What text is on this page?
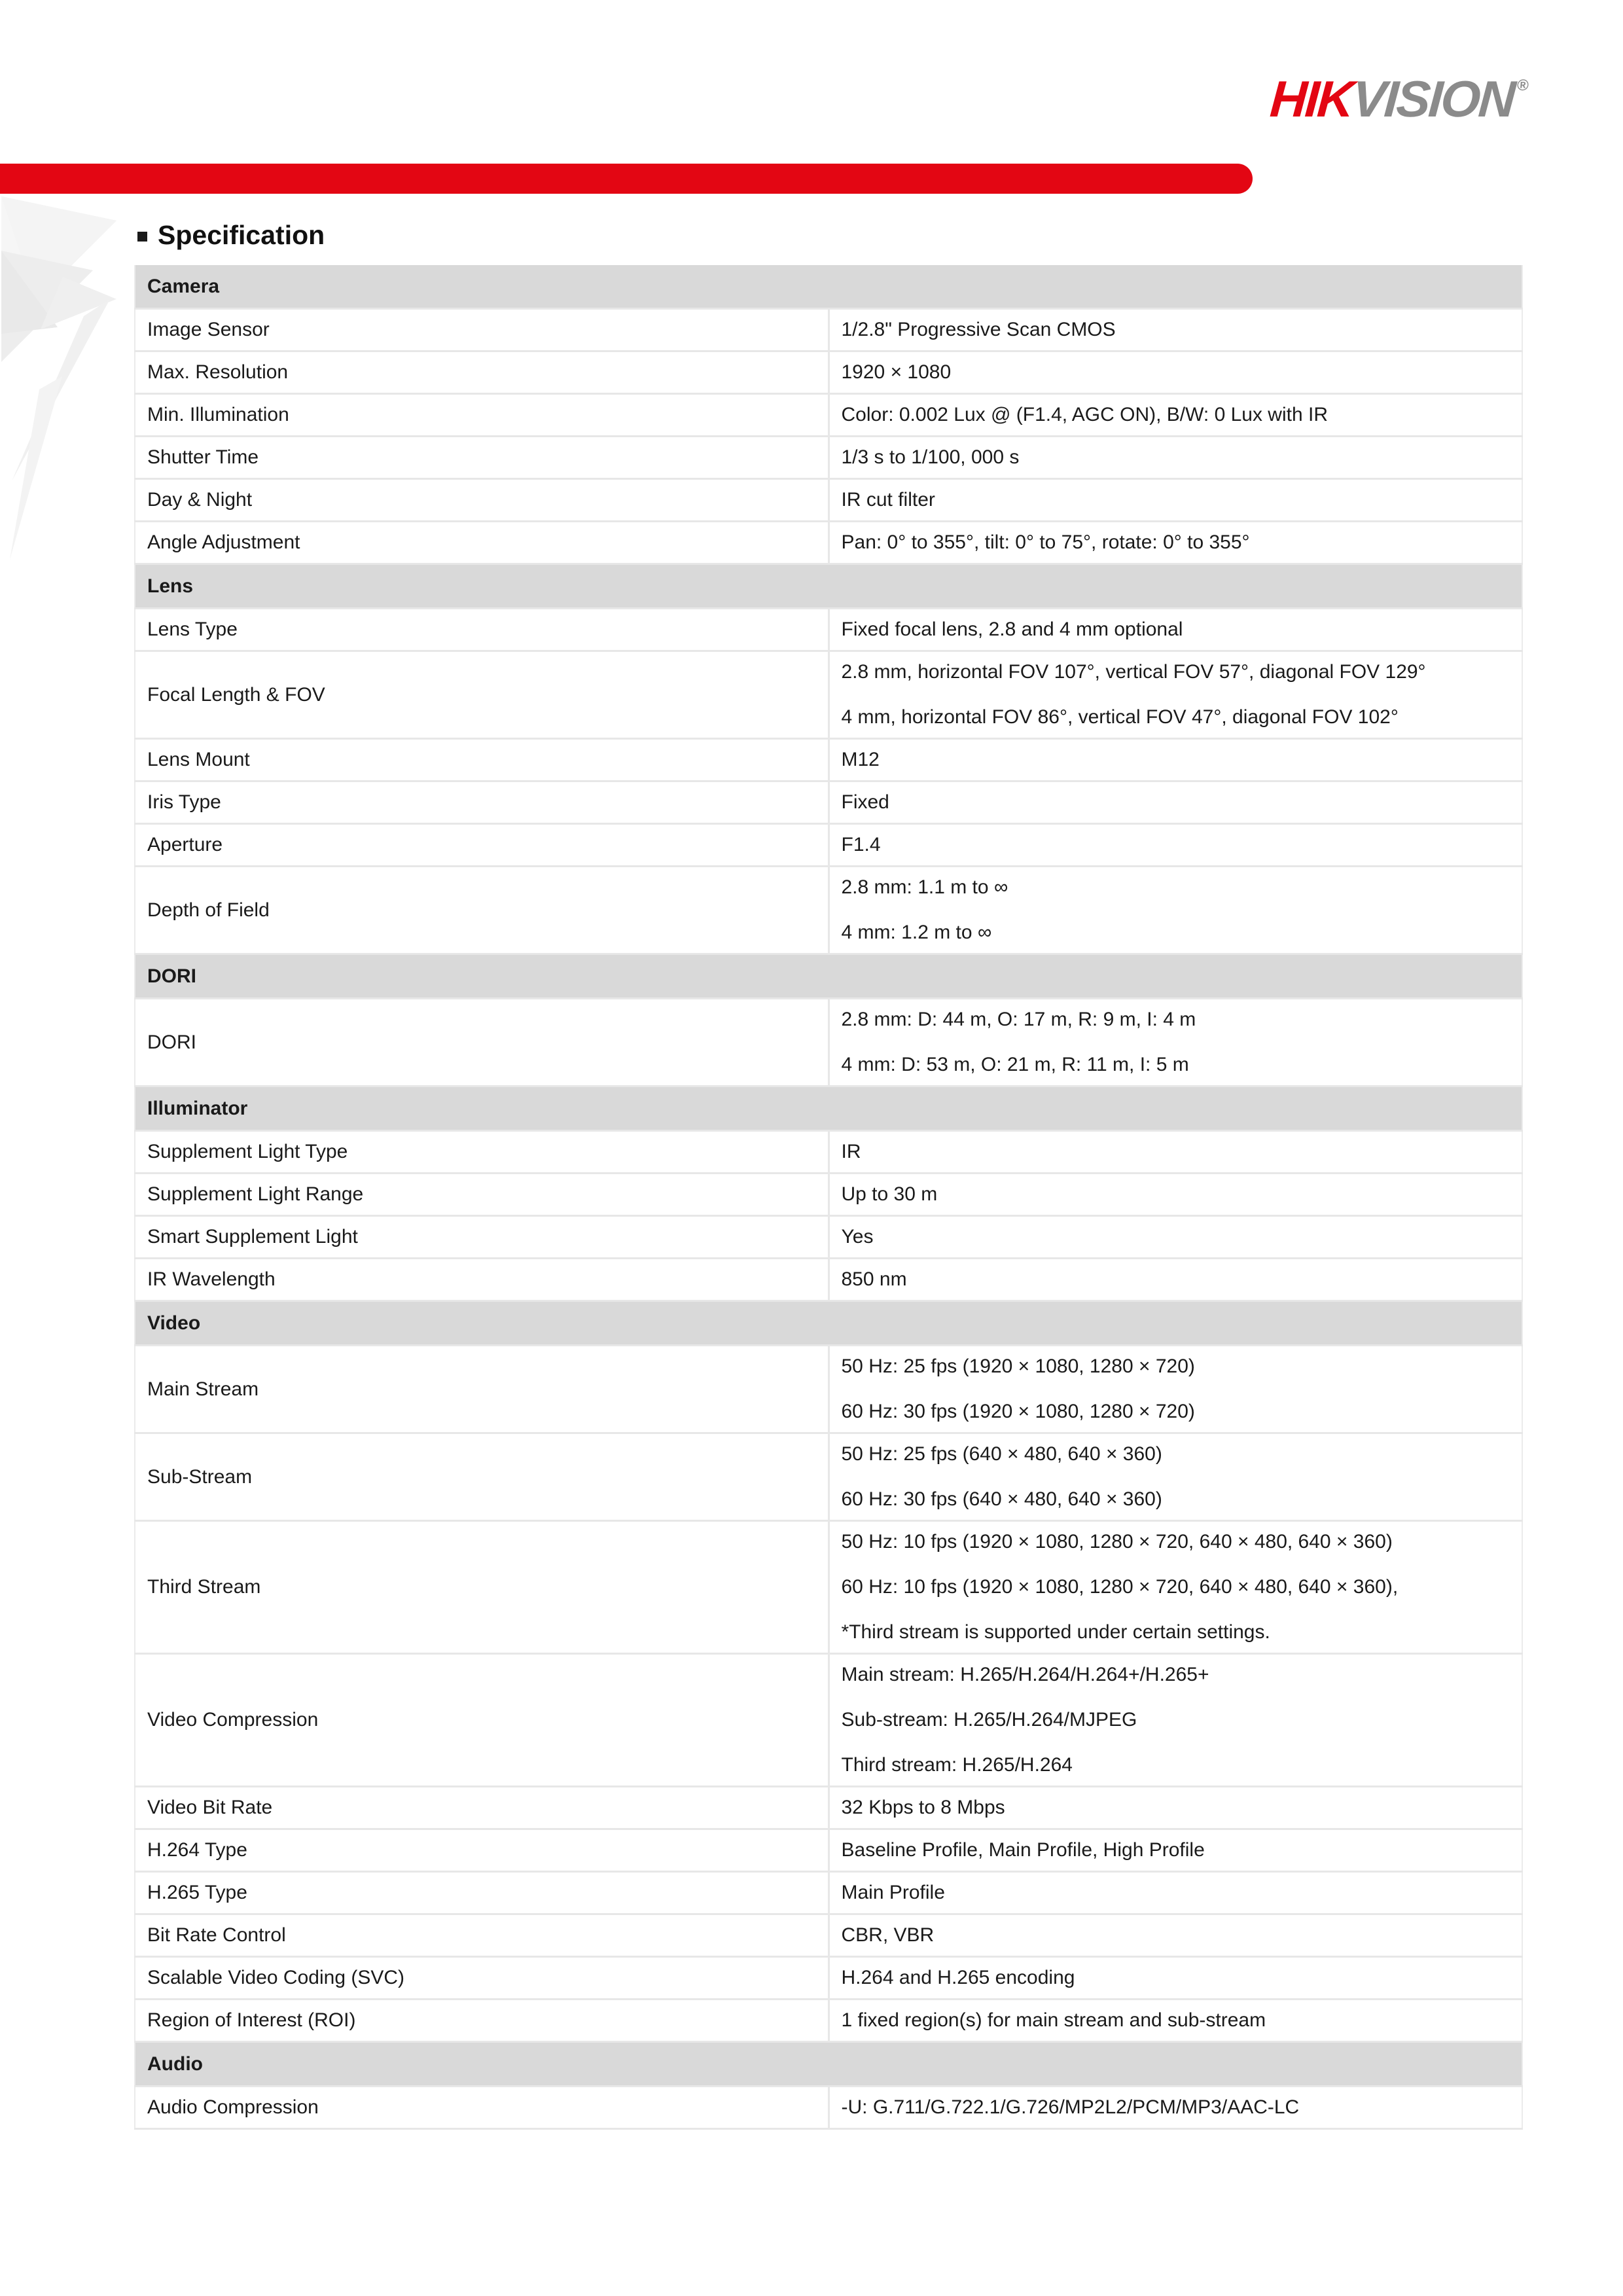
HIKVISION®
Specification
Camera	
Image Sensor	1/2.8" Progressive Scan CMOS

Max. Resolution	1920 × 1080

Min. Illumination	Color: 0.002 Lux @ (F1.4, AGC ON), B/W: 0 Lux with IR

Shutter Time	1/3 s to 1/100, 000 s

Day & Night	IR cut filter

Angle Adjustment	Pan: 0° to 355°, tilt: 0° to 75°, rotate: 0° to 355°

Lens	
Lens Type	Fixed focal lens, 2.8 and 4 mm optional

Focal Length & FOV	2.8 mm, horizontal FOV 107°, vertical FOV 57°, diagonal FOV 129°
4 mm, horizontal FOV 86°, vertical FOV 47°, diagonal FOV 102°

Lens Mount	M12

Iris Type	Fixed

Aperture	F1.4

Depth of Field	2.8 mm: 1.1 m to ∞
4 mm: 1.2 m to ∞

DORI	
DORI	2.8 mm: D: 44 m, O: 17 m, R: 9 m, I: 4 m
4 mm: D: 53 m, O: 21 m, R: 11 m, I: 5 m

Illuminator	
Supplement Light Type	IR

Supplement Light Range	Up to 30 m

Smart Supplement Light	Yes

IR Wavelength	850 nm

Video	
Main Stream	50 Hz: 25 fps (1920 × 1080, 1280 × 720)
60 Hz: 30 fps (1920 × 1080, 1280 × 720)

Sub-Stream	50 Hz: 25 fps (640 × 480, 640 × 360)
60 Hz: 30 fps (640 × 480, 640 × 360)

Third Stream	50 Hz: 10 fps (1920 × 1080, 1280 × 720, 640 × 480, 640 × 360)
60 Hz: 10 fps (1920 × 1080, 1280 × 720, 640 × 480, 640 × 360),
*Third stream is supported under certain settings.

Video Compression	Main stream: H.265/H.264/H.264+/H.265+
Sub-stream: H.265/H.264/MJPEG
Third stream: H.265/H.264

Video Bit Rate	32 Kbps to 8 Mbps

H.264 Type	Baseline Profile, Main Profile, High Profile

H.265 Type	Main Profile

Bit Rate Control	CBR, VBR

Scalable Video Coding (SVC)	H.264 and H.265 encoding

Region of Interest (ROI)	1 fixed region(s) for main stream and sub-stream

Audio	
Audio Compression	-U: G.711/G.722.1/G.726/MP2L2/PCM/MP3/AAC-LC
